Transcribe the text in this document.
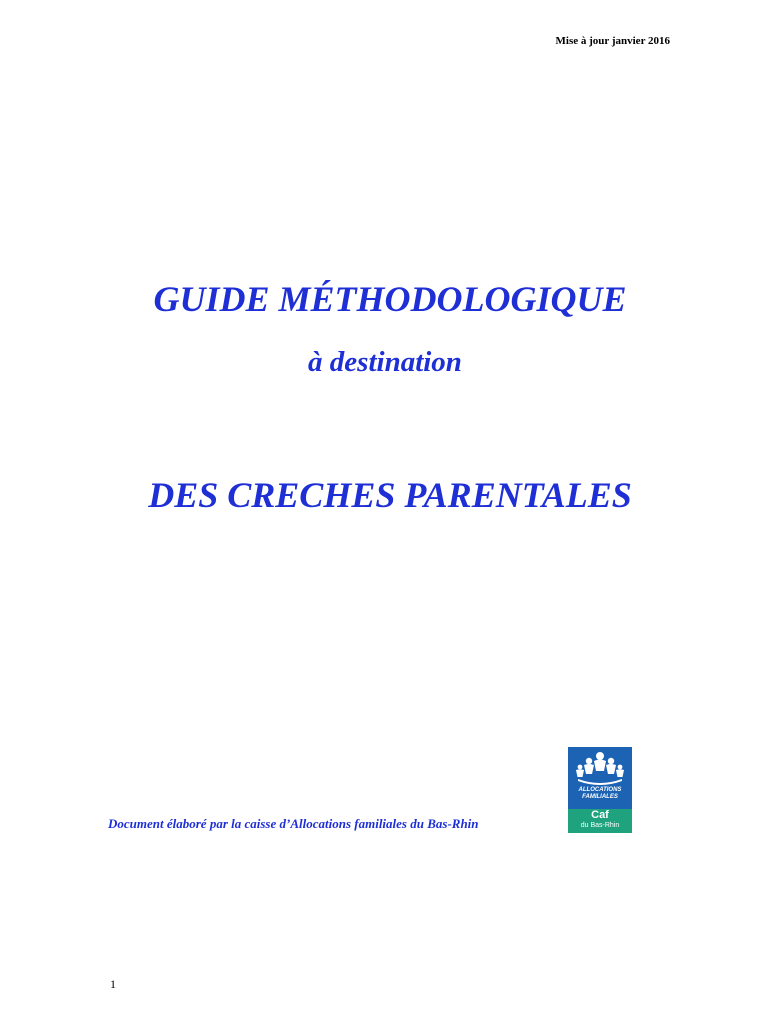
Mise à jour janvier 2016
GUIDE MÉTHODOLOGIQUE
à destination
DES CRECHES PARENTALES
Document élaboré par la caisse d’Allocations familiales du Bas-Rhin
ALLOCATIONS
FAMILIALES
Caf
du Bas-Rhin
1
